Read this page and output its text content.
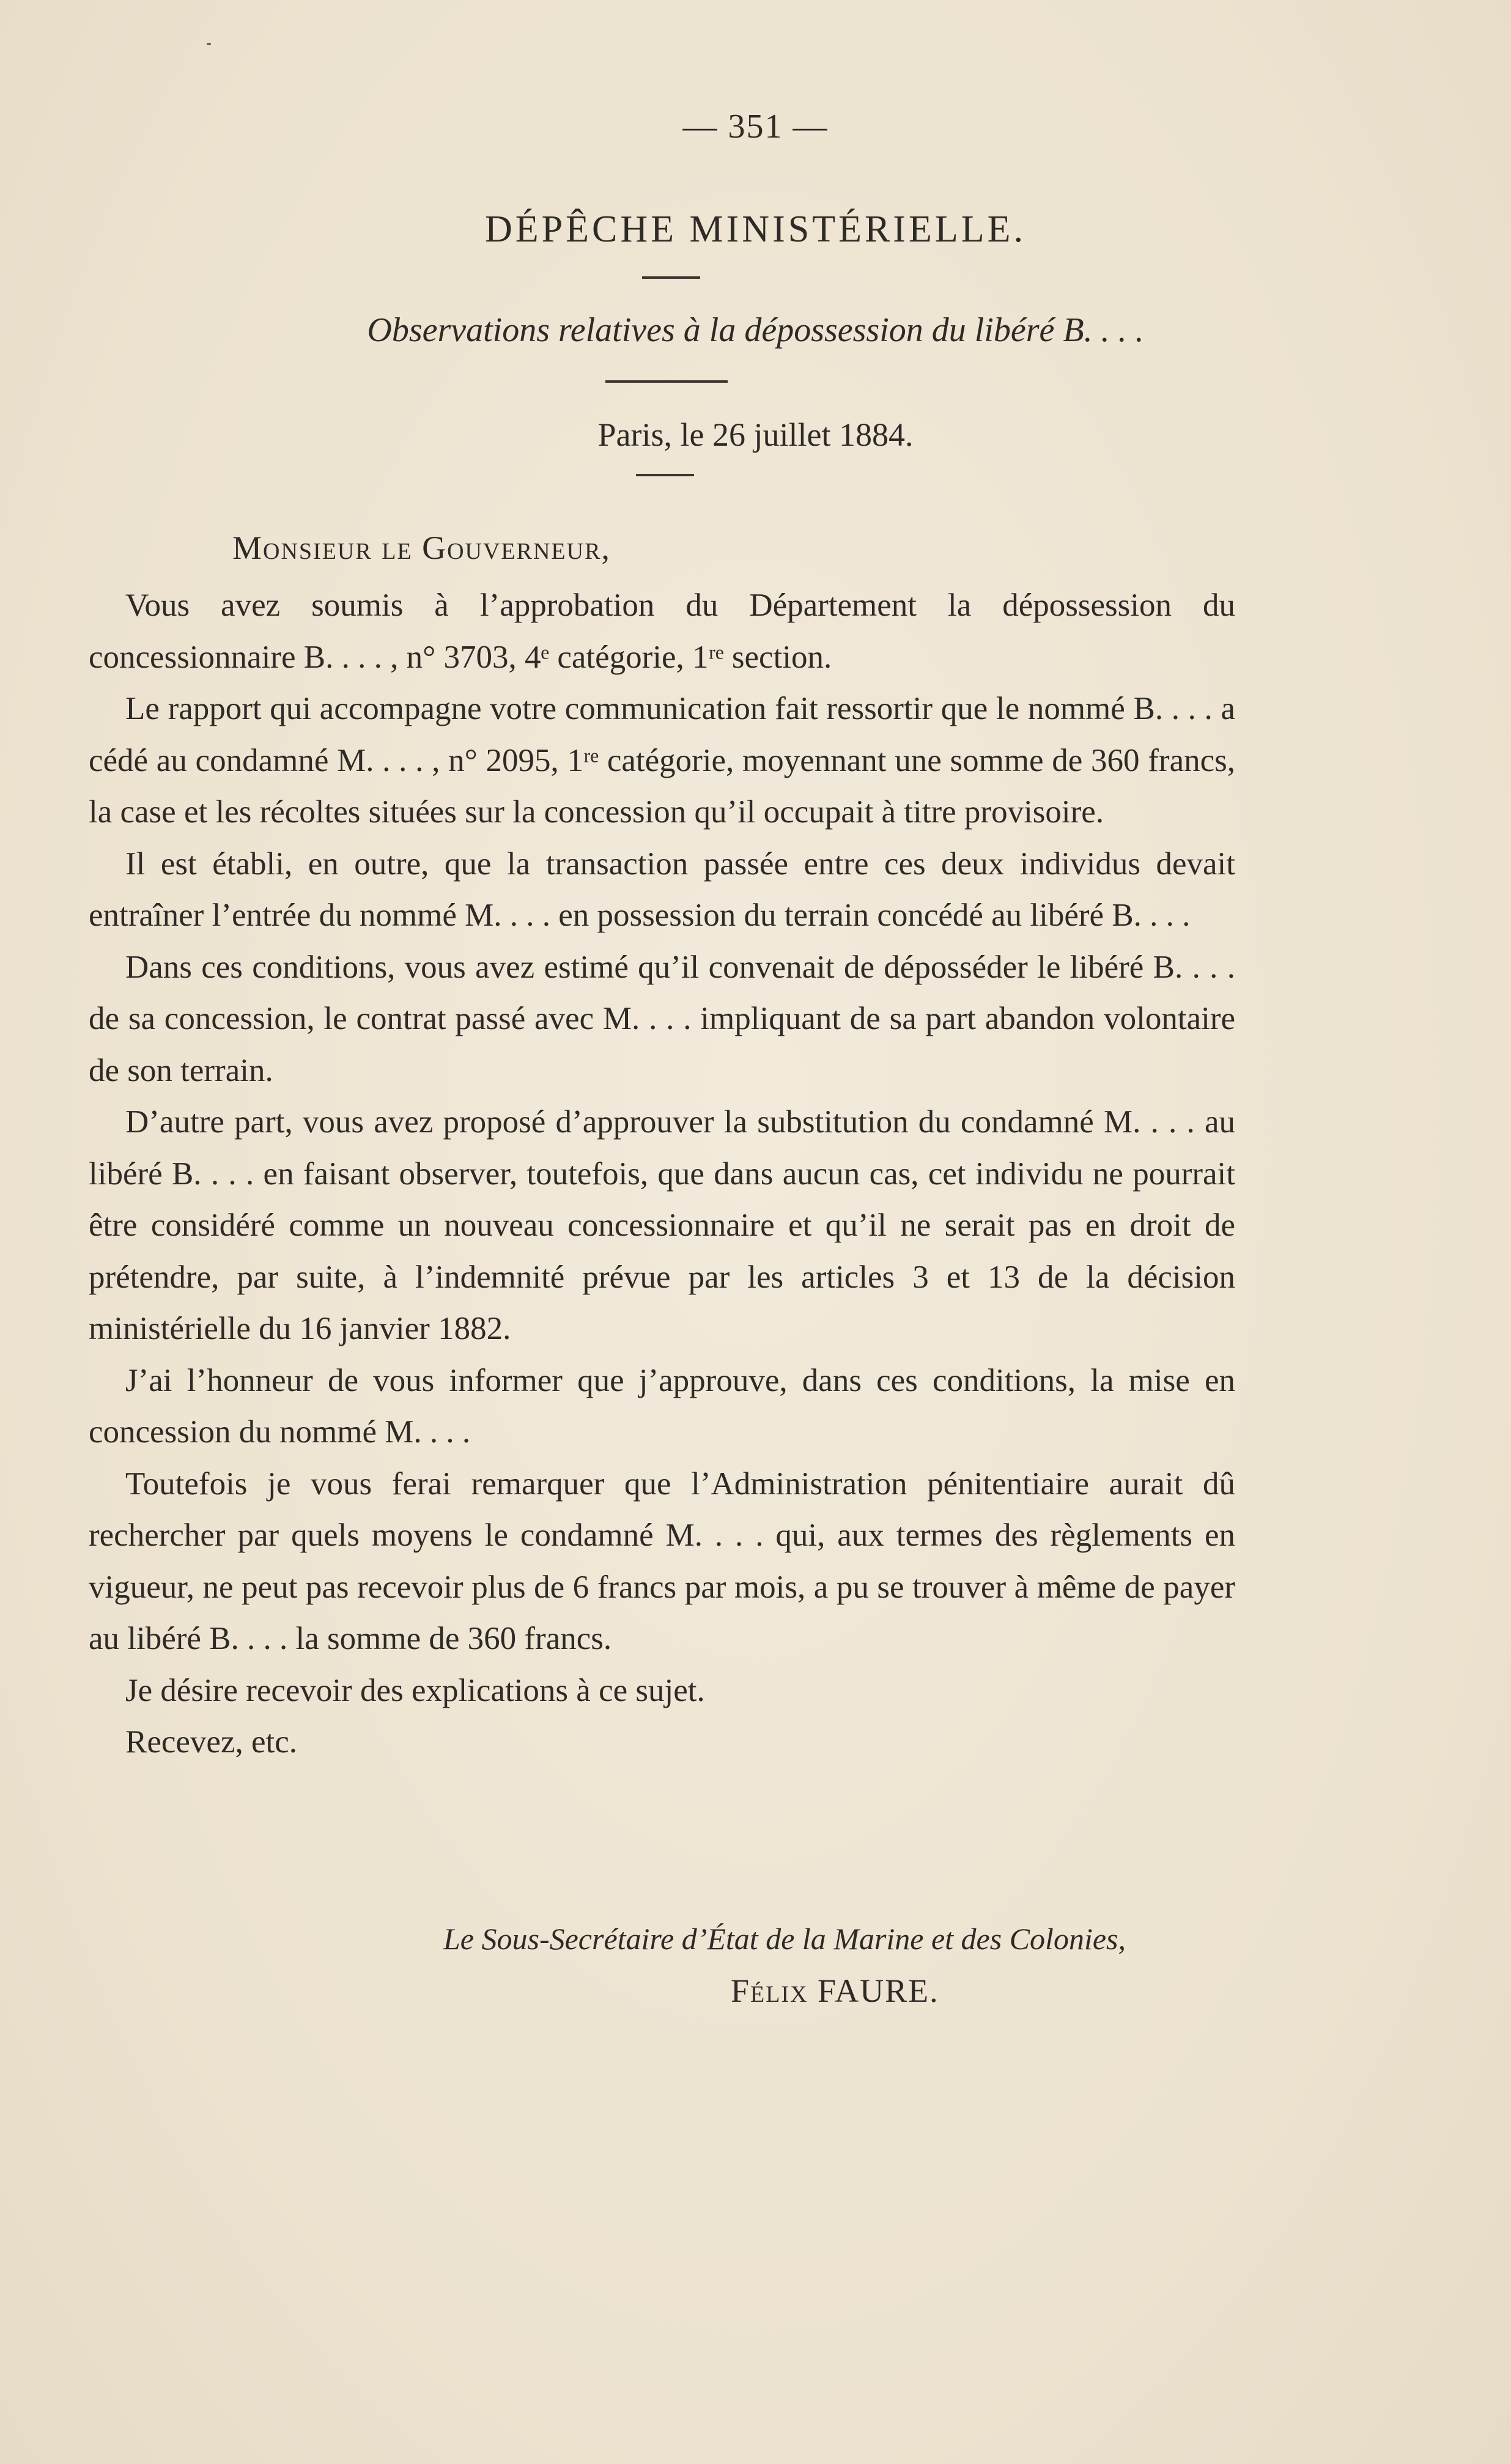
— 351 —
DÉPÊCHE MINISTÉRIELLE.
Observations relatives à la dépossession du libéré B. . . .
Paris, le 26 juillet 1884.
Monsieur le Gouverneur,

Vous avez soumis à l’approbation du Département la dépossession du concessionnaire B. . . . , n° 3703, 4ᵉ catégorie, 1ʳᵉ section.

Le rapport qui accompagne votre communication fait ressortir que le nommé B. . . . a cédé au condamné M. . . . , n° 2095, 1ʳᵉ catégorie, moyennant une somme de 360 francs, la case et les récoltes situées sur la concession qu’il occupait à titre provisoire.

Il est établi, en outre, que la transaction passée entre ces deux individus devait entraîner l’entrée du nommé M. . . . en possession du terrain concédé au libéré B. . . .

Dans ces conditions, vous avez estimé qu’il convenait de déposséder le libéré B. . . . de sa concession, le contrat passé avec M. . . . impliquant de sa part abandon volontaire de son terrain.

D’autre part, vous avez proposé d’approuver la substitution du condamné M. . . . au libéré B. . . . en faisant observer, toutefois, que dans aucun cas, cet individu ne pourrait être considéré comme un nouveau concessionnaire et qu’il ne serait pas en droit de prétendre, par suite, à l’indemnité prévue par les articles 3 et 13 de la décision ministérielle du 16 janvier 1882.

J’ai l’honneur de vous informer que j’approuve, dans ces conditions, la mise en concession du nommé M. . . .

Toutefois je vous ferai remarquer que l’Administration pénitentiaire aurait dû rechercher par quels moyens le condamné M. . . . qui, aux termes des règlements en vigueur, ne peut pas recevoir plus de 6 francs par mois, a pu se trouver à même de payer au libéré B. . . . la somme de 360 francs.

Je désire recevoir des explications à ce sujet.

Recevez, etc.

Le Sous-Secrétaire d’État de la Marine et des Colonies,
Félix FAURE.
